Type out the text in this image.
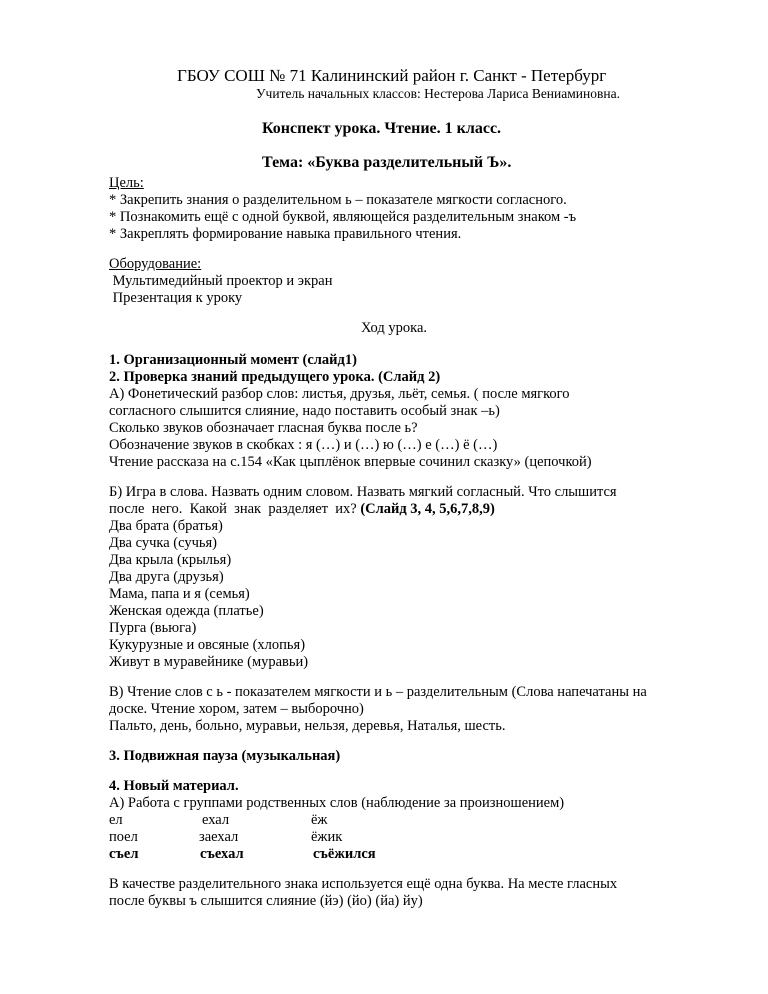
ГБОУ СОШ № 71 Калининский район г. Санкт - Петербург
Учитель начальных классов: Нестерова Лариса Вениаминовна.
Конспект урока. Чтение. 1 класс.
Тема: «Буква разделительный Ъ».
Цель:
* Закрепить знания о разделительном ь – показателе мягкости согласного.
* Познакомить ещё с одной буквой, являющейся разделительным знаком -ъ
* Закреплять формирование навыка правильного чтения.
Оборудование:
Мультимедийный проектор и экран
Презентация к уроку
Ход урока.
1. Организационный момент (слайд1)
2. Проверка знаний предыдущего урока. (Слайд 2)
А) Фонетический разбор слов: листья, друзья, льёт, семья. ( после мягкого
согласного слышится слияние, надо поставить особый знак –ь)
Сколько звуков обозначает гласная буква после ь?
Обозначение звуков в скобках : я (…) и (…) ю (…) е (…) ё (…)
Чтение рассказа на с.154 «Как цыплёнок впервые сочинил сказку» (цепочкой)
Б) Игра в слова. Назвать одним словом. Назвать мягкий согласный. Что слышится
после  него.  Какой  знак  разделяет  их? (Слайд 3, 4, 5,6,7,8,9)
Два брата (братья)
Два сучка (сучья)
Два крыла (крылья)
Два друга (друзья)
Мама, папа и я (семья)
Женская одежда (платье)
Пурга (вьюга)
Кукурузные и овсяные (хлопья)
Живут в муравейнике (муравьи)
В) Чтение слов с ь - показателем мягкости и ь – разделительным (Слова напечатаны на
доске. Чтение хором, затем – выборочно)
Пальто, день, больно, муравьи, нельзя, деревья, Наталья, шесть.
3. Подвижная пауза (музыкальная)
4. Новый материал.
А) Работа с группами родственных слов (наблюдение за произношением)
ел	ехал	ёж
поел	заехал	ёжик
съел	съехал	съёжился
В качестве разделительного знака используется ещё одна буква. На месте гласных
после буквы ъ слышится слияние (йэ) (йо) (йа) йу)
